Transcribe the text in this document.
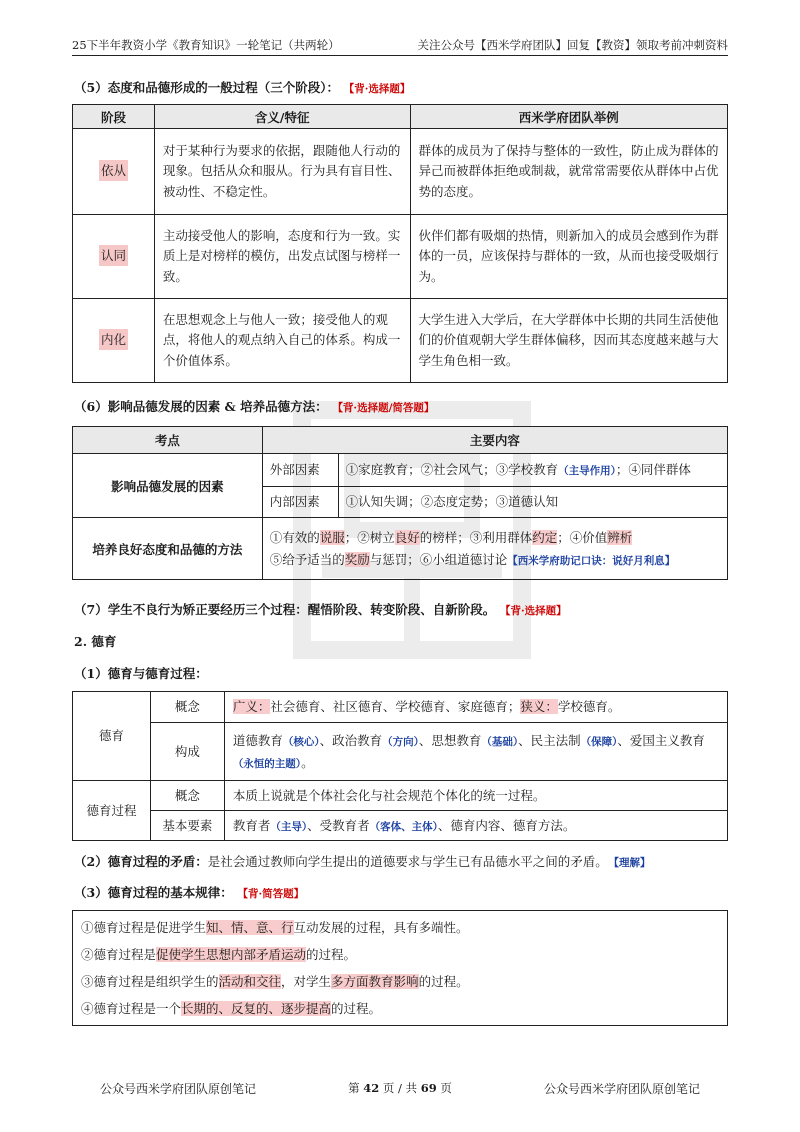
25下半年教资小学《教育知识》一轮笔记（共两轮）	关注公众号【西米学府团队】回复【教资】领取考前冲刺资料
（5）态度和品德形成的一般过程（三个阶段）： 【背·选择题】
阶段	含义/特征	西米学府团队举例
依从	对于某种行为要求的依据，跟随他人行动的现象。包括从众和服从。行为具有盲目性、被动性、不稳定性。	群体的成员为了保持与整体的一致性，防止成为群体的异己而被群体拒绝或制裁，就常常需要依从群体中占优势的态度。
认同	主动接受他人的影响，态度和行为一致。实质上是对榜样的模仿，出发点试图与榜样一致。	伙伴们都有吸烟的热情，则新加入的成员会感到作为群体的一员，应该保持与群体的一致，从而也接受吸烟行为。
内化	在思想观念上与他人一致；接受他人的观点，将他人的观点纳入自己的体系。构成一个价值体系。	大学生进入大学后，在大学群体中长期的共同生活使他们的价值观朝大学生群体偏移，因而其态度越来越与大学生角色相一致。
（6）影响品德发展的因素 & 培养品德方法： 【背·选择题/简答题】
考点	主要内容	
影响品德发展的因素	外部因素	①家庭教育；②社会风气；③学校教育（主导作用）；④同伴群体
	内部因素	①认知失调；②态度定势；③道德认知
培养良好态度和品德的方法	①有效的说服；②树立良好的榜样；③利用群体约定；④价值辨析
⑤给予适当的奖励与惩罚；⑥小组道德讨论【西米学府助记口诀：说好月利息】	
（7）学生不良行为矫正要经历三个过程：醒悟阶段、转变阶段、自新阶段。 【背·选择题】
2. 德育
（1）德育与德育过程：
德育	概念	广义：社会德育、社区德育、学校德育、家庭德育；狭义：学校德育。
	构成	道德教育（核心）、政治教育（方向）、思想教育（基础）、民主法制（保障）、爱国主义教育（永恒的主题）。
德育过程	概念	本质上说就是个体社会化与社会规范个体化的统一过程。
	基本要素	教育者（主导）、受教育者（客体、主体）、德育内容、德育方法。
（2）德育过程的矛盾：是社会通过教师向学生提出的道德要求与学生已有品德水平之间的矛盾。 【理解】
（3）德育过程的基本规律： 【背·简答题】
①德育过程是促进学生知、情、意、行互动发展的过程，具有多端性。
②德育过程是促使学生思想内部矛盾运动的过程。
③德育过程是组织学生的活动和交往，对学生多方面教育影响的过程。
④德育过程是一个长期的、反复的、逐步提高的过程。
公众号西米学府团队原创笔记	第 42 页 / 共 69 页	公众号西米学府团队原创笔记
